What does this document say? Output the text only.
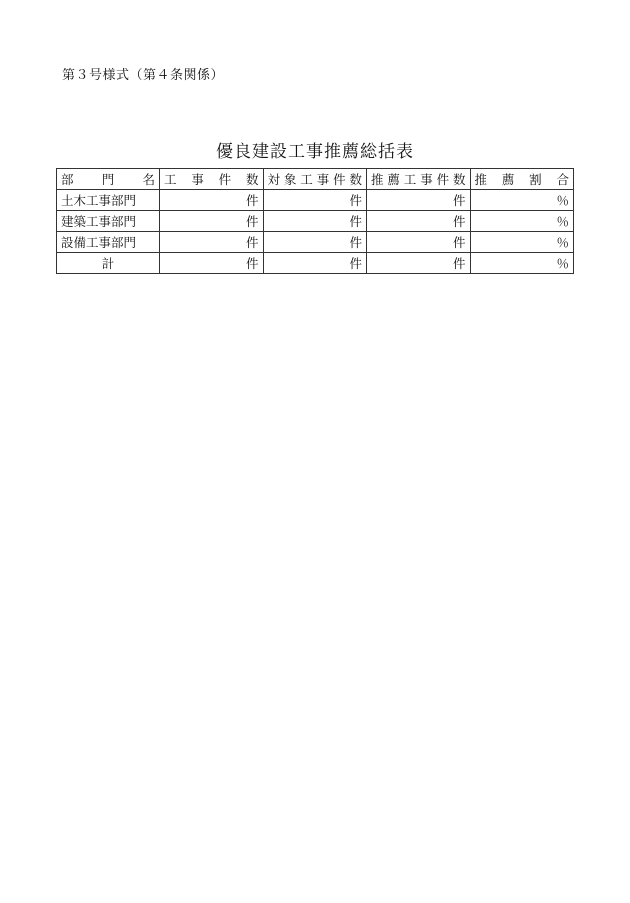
第３号様式（第４条関係）
優良建設工事推薦総括表
部門名	工事件数	対象工事件数	推薦工事件数	推薦割合
土木工事部門	件	件	件	％
建築工事部門	件	件	件	％
設備工事部門	件	件	件	％
計	件	件	件	％
